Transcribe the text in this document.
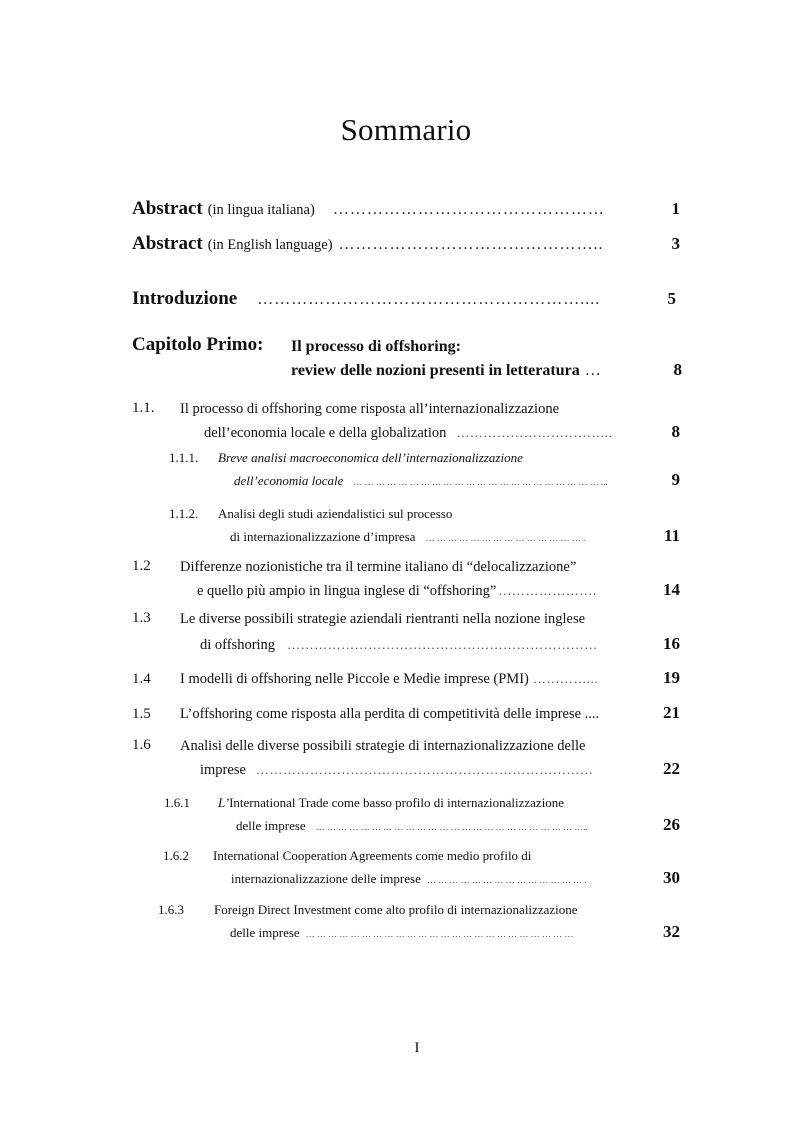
Sommario
Abstract (in lingua italiana) …………………………………………	1
Abstract (in English language) ………………………………………..	3
Introduzione …………………………………………………....	5
Capitolo Primo: Il processo di offshoring:
review delle nozioni presenti in letteratura …	8
1.1. Il processo di offshoring come risposta all’internazionalizzazione
dell’economia locale e della globalization ……………………………..	8
1.1.1. Breve analisi macroeconomica dell’internazionalizzazione
dell’economia locale … … … … … … … … … … … … … … … … … … … … … … ...	9
1.1.2. Analisi degli studi aziendalistici sul processo
di internazionalizzazione d’impresa … … … … … … … … … … … … … … .	11
1.2 Differenze nozionistiche tra il termine italiano di “delocalizzazione”
e quello più ampio in lingua inglese di “offshoring” ………………….	14
1.3 Le diverse possibili strategie aziendali rientranti nella nozione inglese
di offshoring ……………………………………………………………	16
1.4	I modelli di offshoring nelle Piccole e Medie imprese (PMI) …………...	19
1.5	L’offshoring come risposta alla perdita di competitività delle imprese ....	21
1.6 Analisi delle diverse possibili strategie di internazionalizzazione delle
imprese …………………………………………………………………	22
1.6.1 L’International Trade come basso profilo di internazionalizzazione
delle imprese … … … … … … … … … … … … … … … … … … … … … … … …..	26
1.6.2 International Cooperation Agreements come medio profilo di
internazionalizzazione delle imprese … … … … … … … … … … … … … … .	30
1.6.3 Foreign Direct Investment come alto profilo di internazionalizzazione
delle imprese … … … … … … … … … … … … … … … … … … … … … … … …	32
I
